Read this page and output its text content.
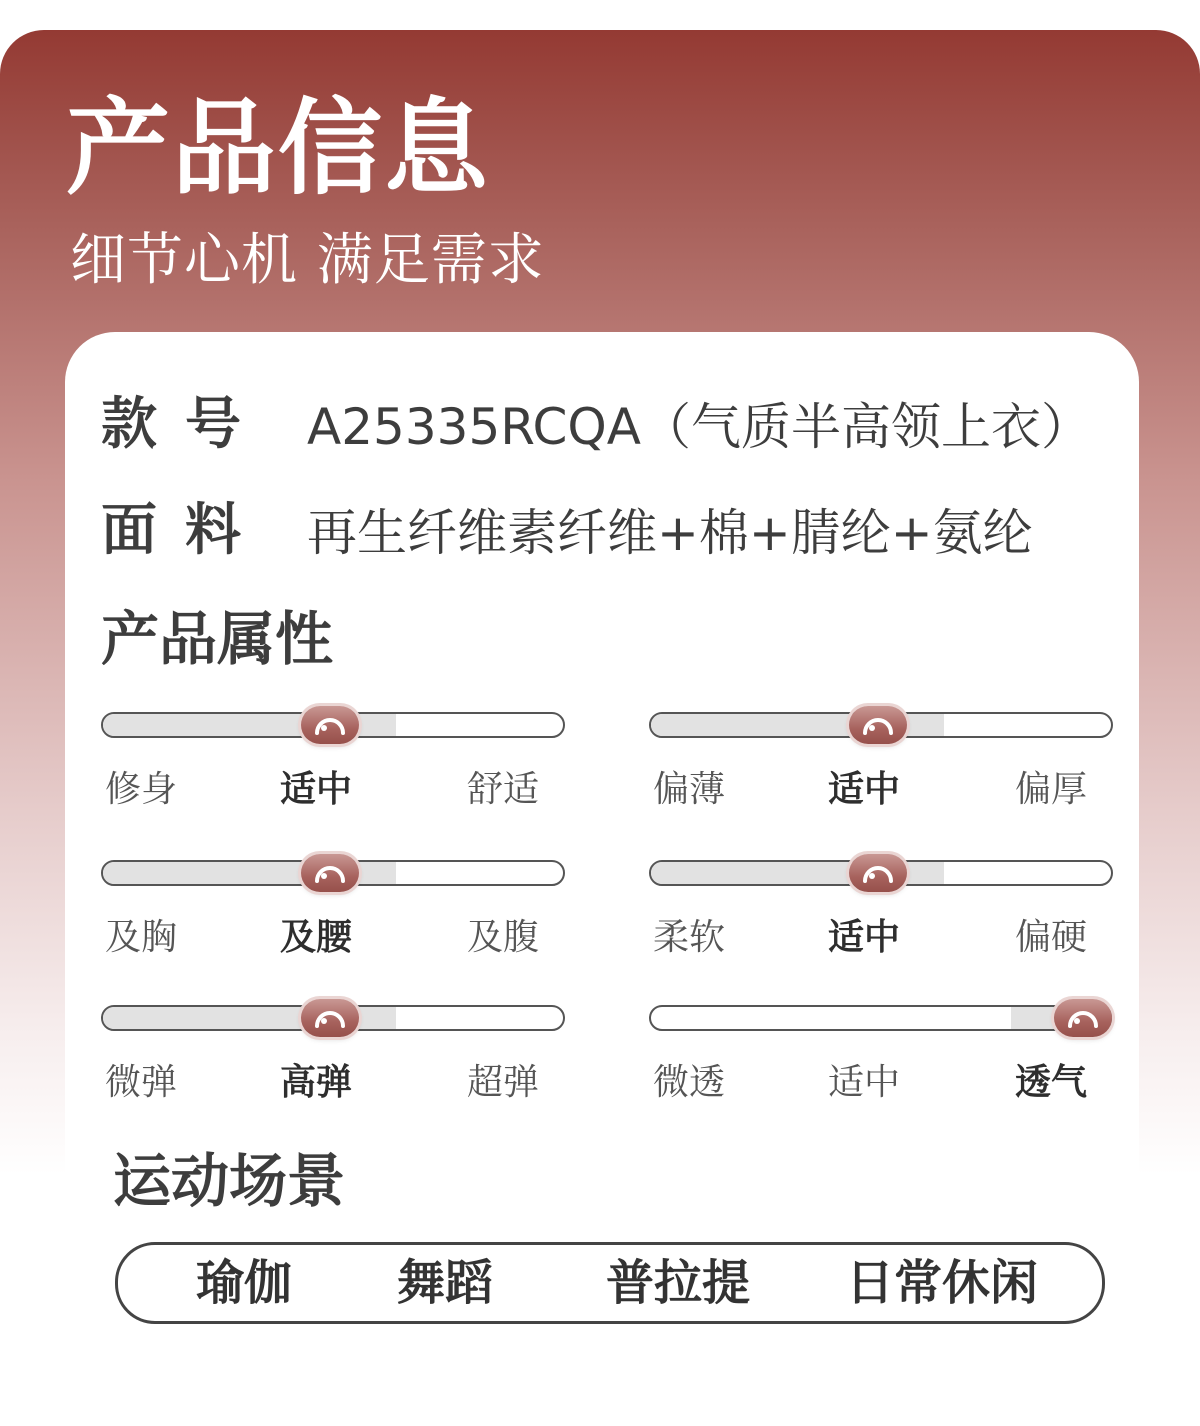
产品信息

细节心机 满足需求

款号 A25335RCQA（气质半高领上衣）
面料 再生纤维素纤维+棉+腈纶+氨纶
产品属性
修身	适中	舒适	偏薄	适中	偏厚
及胸	及腰	及腹	柔软	适中	偏硬
微弹	高弹	超弹	微透	适中	透气
运动场景
瑜伽 舞蹈 普拉提 日常休闲
